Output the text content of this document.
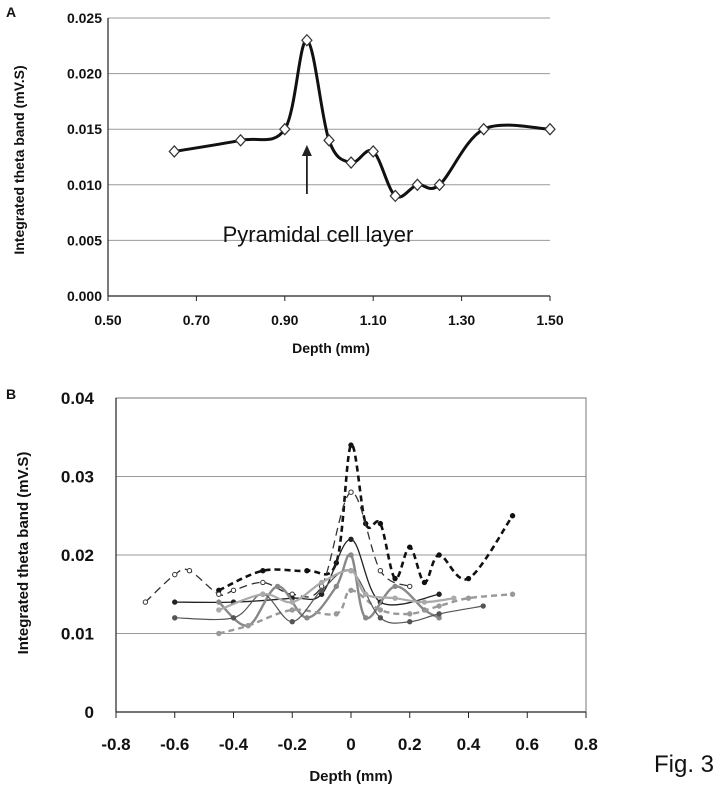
A
B
Fig. 3
0.000
0.005
0.010
0.015
0.020
0.025
0.50	0.70	0.90	1.10	1.30	1.50
Depth (mm)
Integrated theta band (mV.S)	Pyramidal cell layer
0
0.01
0.02
0.03
0.04
-0.8 -0.6 -0.4 -0.2 0 0.2 0.4 0.6 0.8
Depth (mm)
Integrated theta band (mV.S)
